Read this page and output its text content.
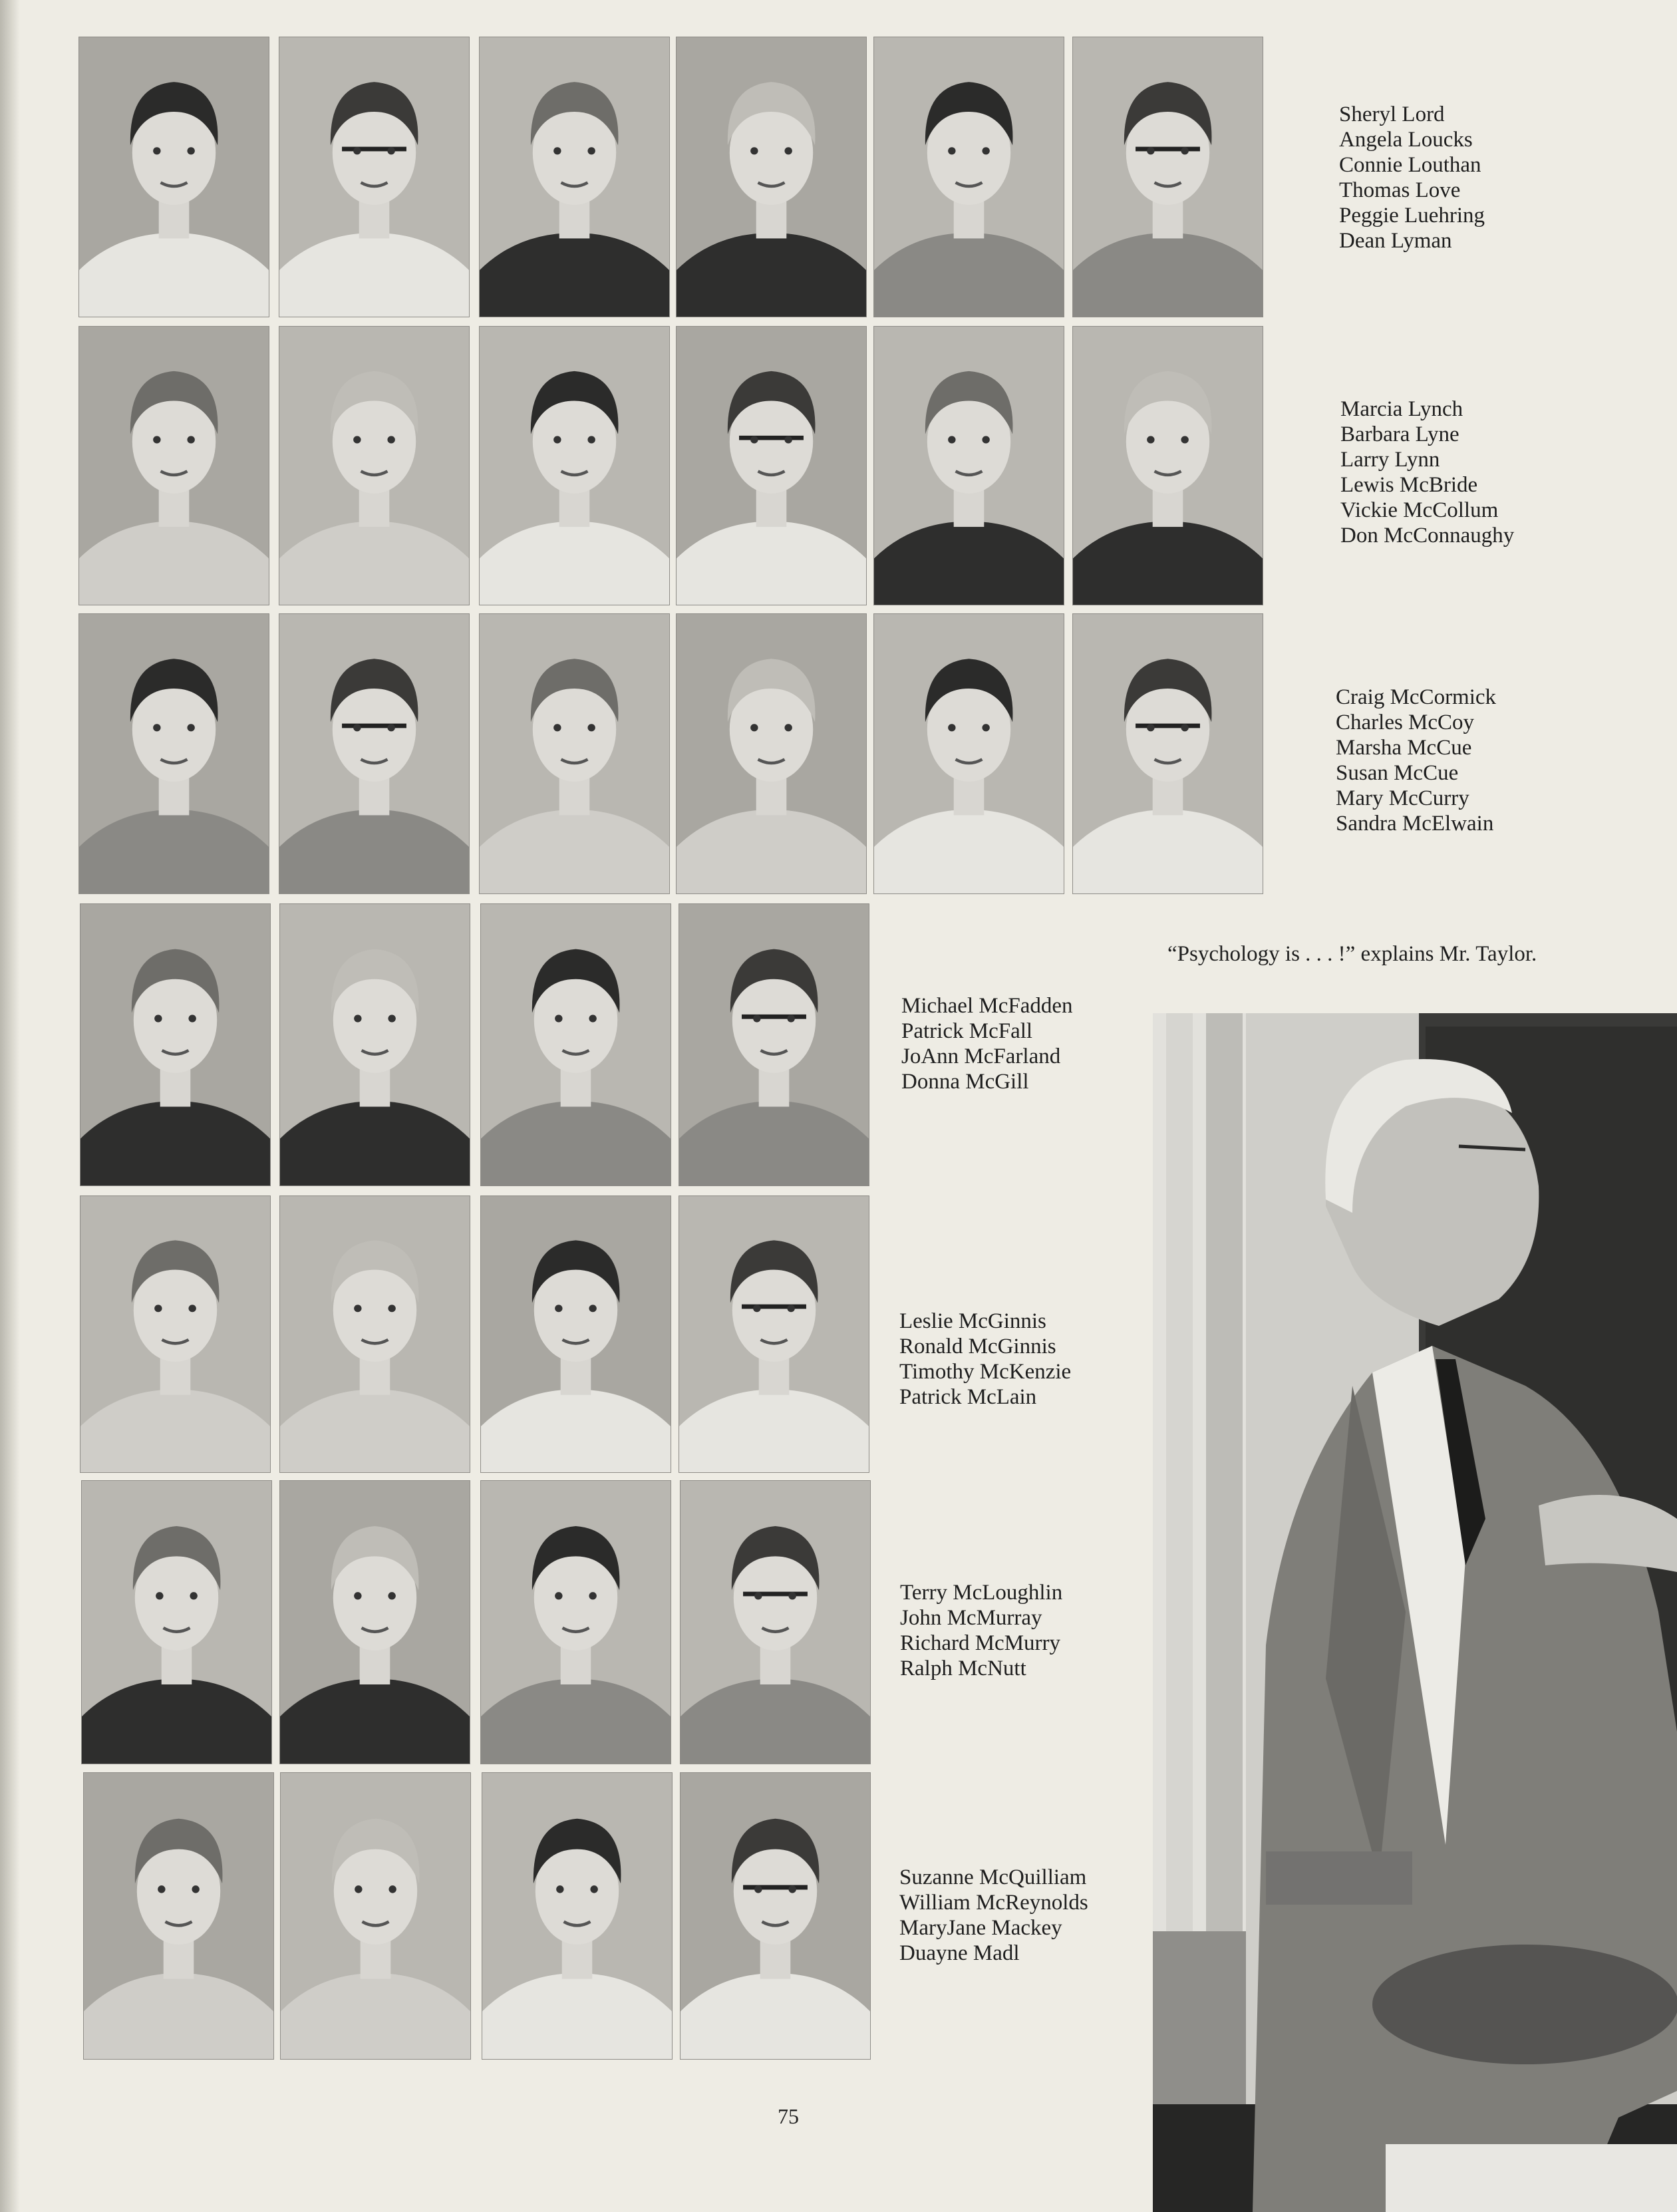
Sheryl Lord
Angela Loucks
Connie Louthan
Thomas Love
Peggie Luehring
Dean Lyman
Marcia Lynch
Barbara Lyne
Larry Lynn
Lewis McBride
Vickie McCollum
Don McConnaughy
Craig McCormick
Charles McCoy
Marsha McCue
Susan McCue
Mary McCurry
Sandra McElwain
Michael McFadden
Patrick McFall
JoAnn McFarland
Donna McGill
Leslie McGinnis
Ronald McGinnis
Timothy McKenzie
Patrick McLain
Terry McLoughlin
John McMurray
Richard McMurry
Ralph McNutt
Suzanne McQuilliam
William McReynolds
MaryJane Mackey
Duayne Madl
“Psychology is . . . !” explains Mr. Taylor.
75
